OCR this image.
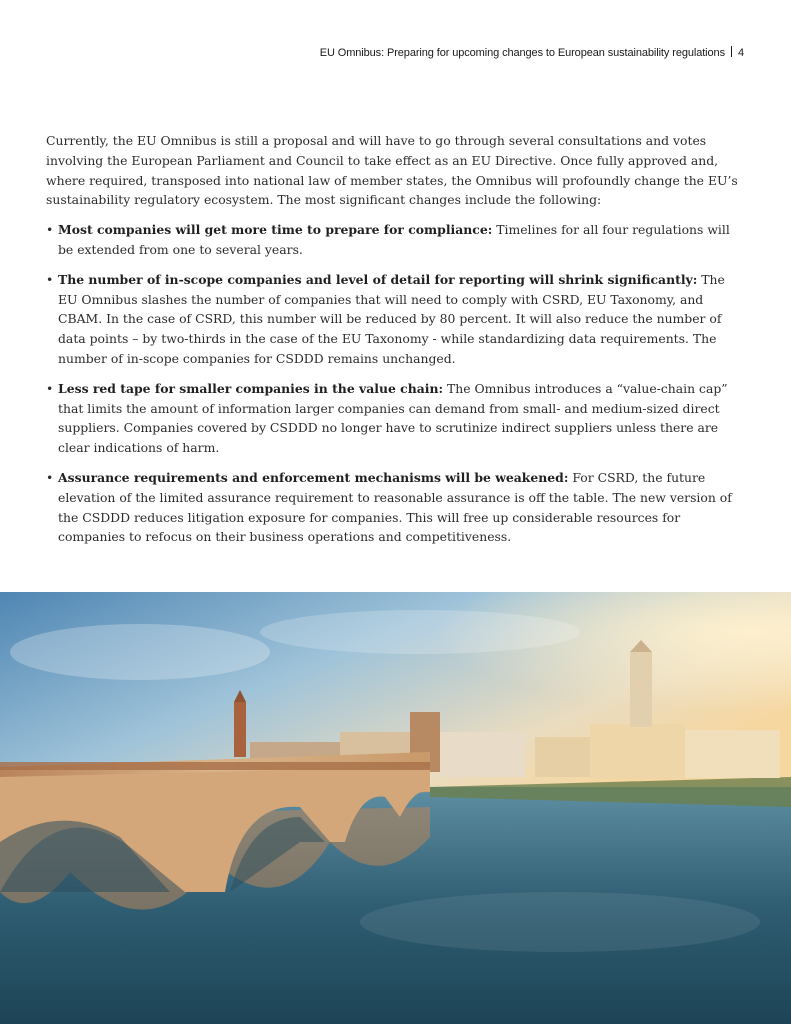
EU Omnibus: Preparing for upcoming changes to European sustainability regulations 4

Currently, the EU Omnibus is still a proposal and will have to go through several consultations and votes involving the European Parliament and Council to take effect as an EU Directive. Once fully approved and, where required, transposed into national law of member states, the Omnibus will profoundly change the EU’s sustainability regulatory ecosystem. The most significant changes include the following:

• Most companies will get more time to prepare for compliance: Timelines for all four regulations will be extended from one to several years.
• The number of in-scope companies and level of detail for reporting will shrink significantly: The EU Omnibus slashes the number of companies that will need to comply with CSRD, EU Taxonomy, and CBAM. In the case of CSRD, this number will be reduced by 80 percent. It will also reduce the number of data points – by two-thirds in the case of the EU Taxonomy - while standardizing data requirements. The number of in-scope companies for CSDDD remains unchanged.
• Less red tape for smaller companies in the value chain: The Omnibus introduces a “value-chain cap” that limits the amount of information larger companies can demand from small- and medium-sized direct suppliers. Companies covered by CSDDD no longer have to scrutinize indirect suppliers unless there are clear indications of harm.
• Assurance requirements and enforcement mechanisms will be weakened: For CSRD, the future elevation of the limited assurance requirement to reasonable assurance is off the table. The new version of the CSDDD reduces litigation exposure for companies. This will free up considerable resources for companies to refocus on their business operations and competitiveness.
